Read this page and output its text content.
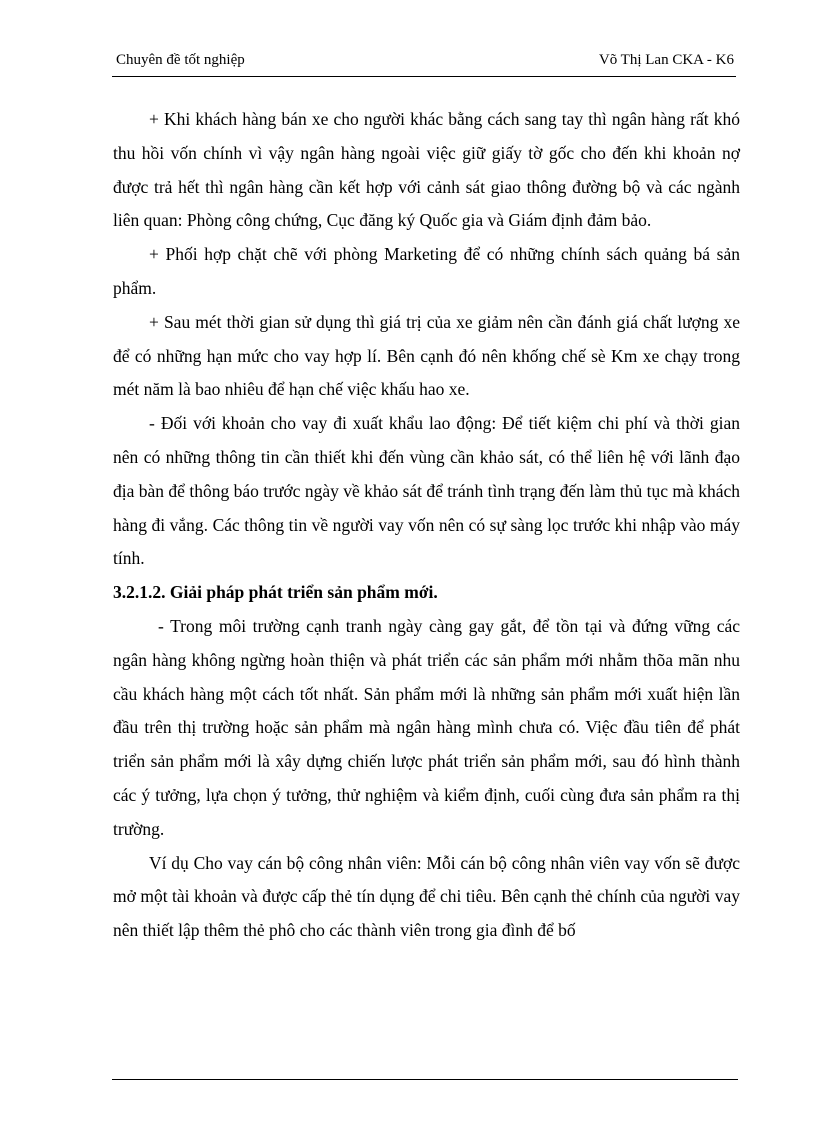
Chuyên đề tốt nghiệp	Võ Thị Lan CKA - K6

+ Khi khách hàng bán xe cho người khác bằng cách sang tay thì ngân hàng rất khó thu hồi vốn chính vì vậy ngân hàng ngoài việc giữ giấy tờ gốc cho đến khi khoản nợ được trả hết thì ngân hàng cần kết hợp với cảnh sát giao thông đường bộ và các ngành liên quan: Phòng công chứng, Cục đăng ký Quốc gia và Giám định đảm bảo.

+ Phối hợp chặt chẽ với phòng Marketing để có những chính sách quảng bá sản phẩm.

+ Sau mét thời gian sử dụng thì giá trị của xe giảm nên cần đánh giá chất lượng xe để có những hạn mức cho vay hợp lí. Bên cạnh đó nên khống chế sè Km xe chạy trong mét năm là bao nhiêu để hạn chế việc khấu hao xe.

- Đối với khoản cho vay đi xuất khẩu lao động: Để tiết kiệm chi phí và thời gian nên có những thông tin cần thiết khi đến vùng cần khảo sát, có thể liên hệ với lãnh đạo địa bàn để thông báo trước ngày về khảo sát để tránh tình trạng đến làm thủ tục mà khách hàng đi vắng. Các thông tin về người vay vốn nên có sự sàng lọc trước khi nhập vào máy tính.

3.2.1.2. Giải pháp phát triển sản phẩm mới.

- Trong môi trường cạnh tranh ngày càng gay gắt, để tồn tại và đứng vững các ngân hàng không ngừng hoàn thiện và phát triển các sản phẩm mới nhằm thõa mãn nhu cầu khách hàng một cách tốt nhất. Sản phẩm mới là những sản phẩm mới xuất hiện lần đầu trên thị trường hoặc sản phẩm mà ngân hàng mình chưa có. Việc đầu tiên để phát triển sản phẩm mới là xây dựng chiến lược phát triển sản phẩm mới, sau đó hình thành các ý tưởng, lựa chọn ý tưởng, thử nghiệm và kiểm định, cuối cùng đưa sản phẩm ra thị trường.

Ví dụ Cho vay cán bộ công nhân viên: Mỗi cán bộ công nhân viên vay vốn sẽ được mở một tài khoản và được cấp thẻ tín dụng để chi tiêu. Bên cạnh thẻ chính của người vay nên thiết lập thêm thẻ phô cho các thành viên trong gia đình để bố
